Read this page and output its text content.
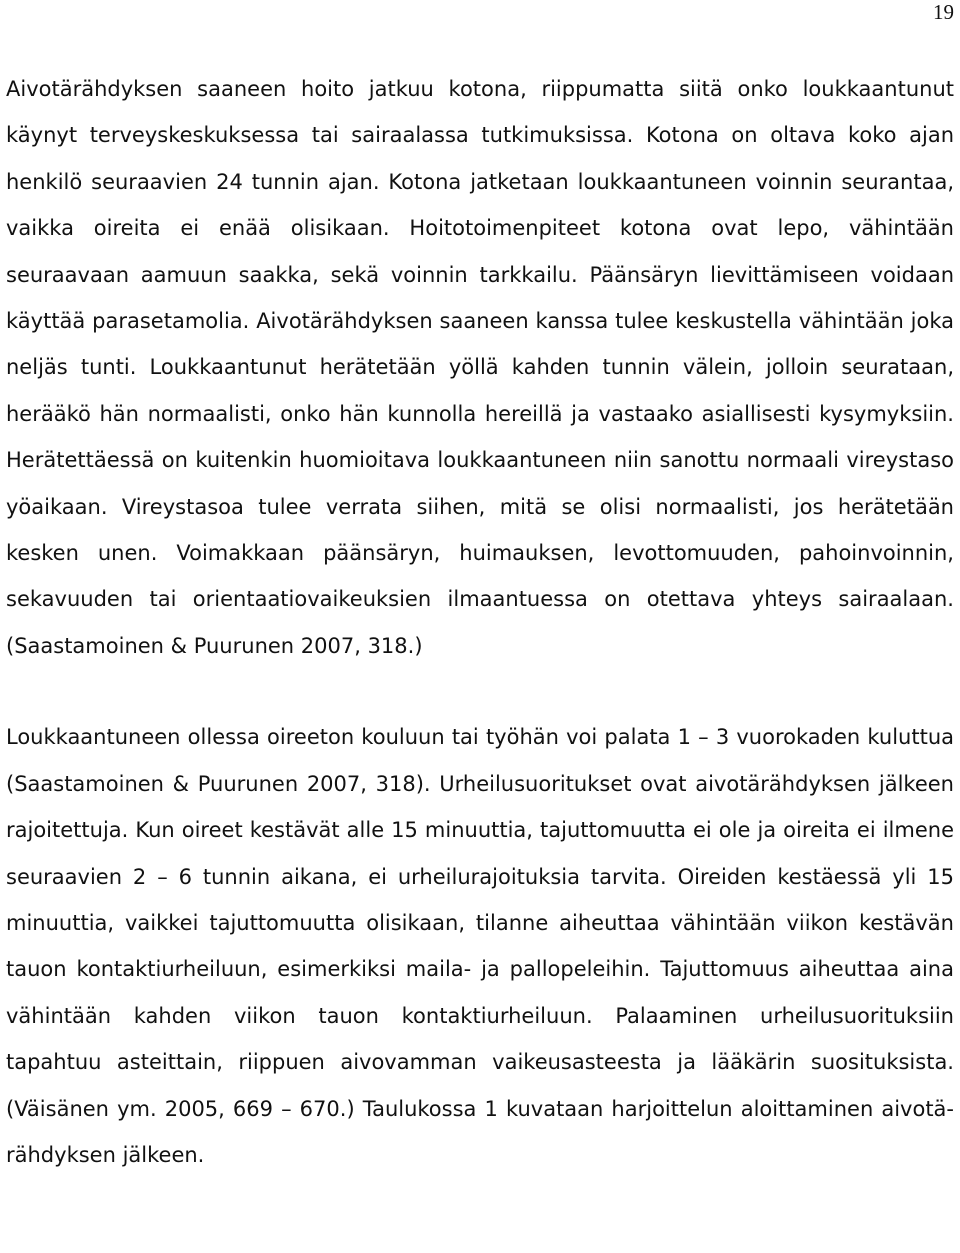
19

Aivotärähdyksen saaneen hoito jatkuu kotona, riippumatta siitä onko loukkaantunut käynyt terveyskeskuksessa tai sairaalassa tutkimuksissa. Kotona on oltava koko ajan henkilö seuraavien 24 tunnin ajan. Kotona jatketaan loukkaantuneen voinnin seurantaa, vaikka oireita ei enää olisikaan. Hoitotoimenpiteet kotona ovat lepo, vähintään seuraavaan aamuun saakka, sekä voinnin tarkkailu. Päänsäryn lievittämiseen voidaan käyttää parasetamolia. Aivotärähdyksen saaneen kanssa tulee keskustella vähintään joka neljäs tunti. Loukkaantunut herätetään yöllä kahden tunnin välein, jolloin seurataan, herääkö hän normaalisti, onko hän kunnolla hereillä ja vastaako asiallisesti kysymyksiin. Herätettäessä on kuitenkin huomioitava loukkaantuneen niin sanottu normaali vireystaso yöaikaan. Vireystasoa tulee verrata siihen, mitä se olisi normaalisti, jos herätetään kesken unen. Voimakkaan päänsäryn, huimauksen, levottomuuden, pahoinvoinnin, sekavuuden tai orientaatiovaikeuksien ilmaantuessa on otettava yhteys sairaalaan. (Saastamoinen & Puurunen 2007, 318.)

Loukkaantuneen ollessa oireeton kouluun tai työhän voi palata 1 – 3 vuorokaden kuluttua (Saastamoinen & Puurunen 2007, 318). Urheilusuoritukset ovat aivotärähdyksen jälkeen rajoitettuja. Kun oireet kestävät alle 15 minuuttia, tajuttomuutta ei ole ja oireita ei ilmene seuraavien 2 – 6 tunnin aikana, ei urheilurajoituksia tarvita. Oireiden kestäessä yli 15 minuuttia, vaikkei tajuttomuutta olisikaan, tilanne aiheuttaa vähintään viikon kestävän tauon kontaktiurheiluun, esimerkiksi maila- ja pallopeleihin. Tajuttomuus aiheuttaa aina vähintään kahden viikon tauon kontaktiurheiluun. Palaaminen urheilusuorituksiin tapahtuu asteittain, riippuen aivovamman vaikeusasteesta ja lääkärin suosituksista. (Väisänen ym. 2005, 669 – 670.) Taulukossa 1 kuvataan harjoittelun aloittaminen aivotärähdyksen jälkeen.
